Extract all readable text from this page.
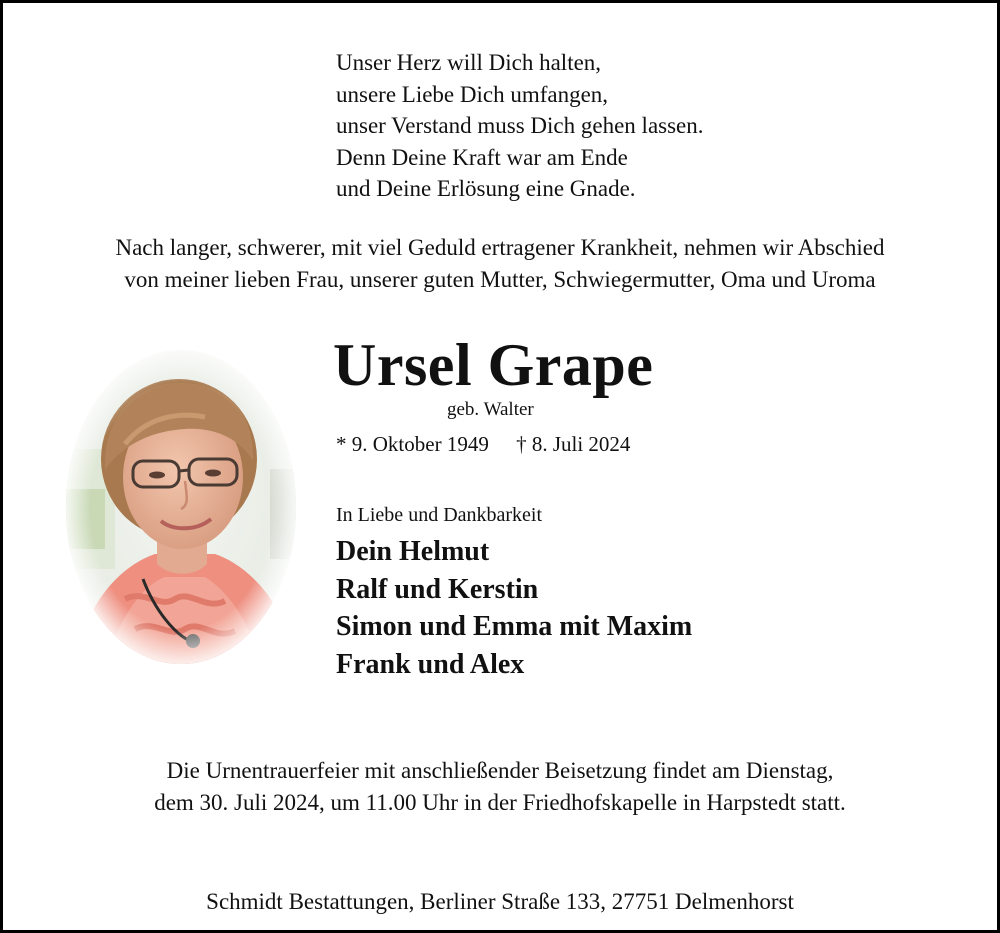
Unser Herz will Dich halten,
unsere Liebe Dich umfangen,
unser Verstand muss Dich gehen lassen.
Denn Deine Kraft war am Ende
und Deine Erlösung eine Gnade.
Nach langer, schwerer, mit viel Geduld ertragener Krankheit, nehmen wir Abschied
von meiner lieben Frau, unserer guten Mutter, Schwiegermutter, Oma und Uroma
Ursel Grape
geb. Walter
* 9. Oktober 1949 † 8. Juli 2024
In Liebe und Dankbarkeit
Dein Helmut
Ralf und Kerstin
Simon und Emma mit Maxim
Frank und Alex
Die Urnentrauerfeier mit anschließender Beisetzung findet am Dienstag,
dem 30. Juli 2024, um 11.00 Uhr in der Friedhofskapelle in Harpstedt statt.
Schmidt Bestattungen, Berliner Straße 133, 27751 Delmenhorst
